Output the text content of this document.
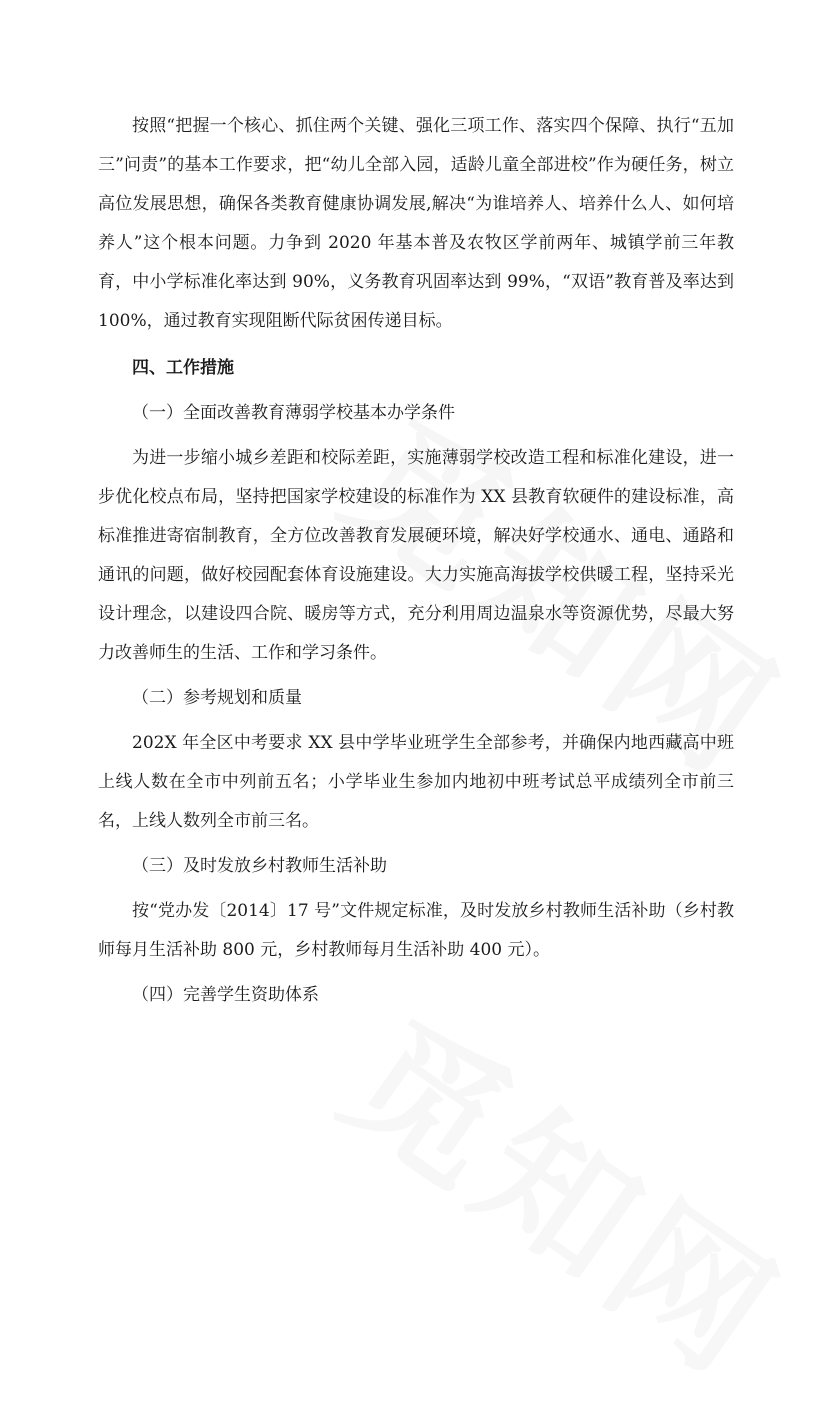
按照“把握一个核心、抓住两个关键、强化三项工作、落实四个保障、执行“五加三”问责”的基本工作要求，把“幼儿全部入园，适龄儿童全部进校”作为硬任务，树立高位发展思想，确保各类教育健康协调发展,解决“为谁培养人、培养什么人、如何培养人”这个根本问题。力争到 2020 年基本普及农牧区学前两年、城镇学前三年教育，中小学标准化率达到 90%，义务教育巩固率达到 99%，“双语”教育普及率达到 100%，通过教育实现阻断代际贫困传递目标。

四、工作措施

（一）全面改善教育薄弱学校基本办学条件

为进一步缩小城乡差距和校际差距，实施薄弱学校改造工程和标准化建设，进一步优化校点布局，坚持把国家学校建设的标准作为 XX 县教育软硬件的建设标准，高标准推进寄宿制教育，全方位改善教育发展硬环境，解决好学校通水、通电、通路和通讯的问题，做好校园配套体育设施建设。大力实施高海拔学校供暖工程，坚持采光设计理念，以建设四合院、暖房等方式，充分利用周边温泉水等资源优势，尽最大努力改善师生的生活、工作和学习条件。

（二）参考规划和质量

202X 年全区中考要求 XX 县中学毕业班学生全部参考，并确保内地西藏高中班上线人数在全市中列前五名；小学毕业生参加内地初中班考试总平成绩列全市前三名，上线人数列全市前三名。

（三）及时发放乡村教师生活补助

按“党办发〔2014〕17 号”文件规定标准，及时发放乡村教师生活补助（乡村教师每月生活补助 800 元，乡村教师每月生活补助 400 元）。

（四）完善学生资助体系
